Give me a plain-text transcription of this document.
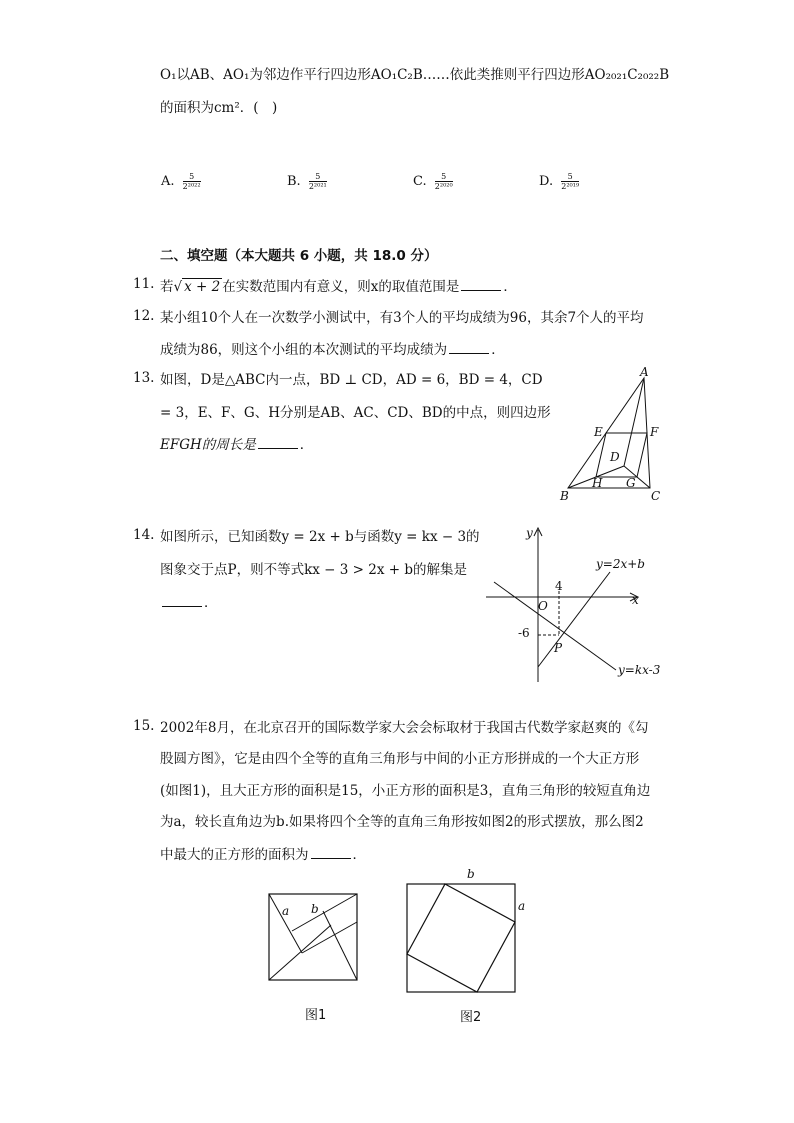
O₁以AB、AO₁为邻边作平行四边形AO₁C₂B……依此类推则平行四边形AO₂₀₂₁C₂₀₂₂B
的面积为cm²．(　)
A. $\frac{5}{\text{2²⁰²²}}$	B. $\frac{5}{\text{2²⁰²¹}}$	C. $\frac{5}{\text{2²⁰²⁰}}$	D. $\frac{5}{\text{2²⁰¹⁹}}$
二、填空题（本大题共 6 小题，共 18.0 分）
11. 若√ x + 2 在实数范围内有意义，则x的取值范围是	．
12. 某小组10个人在一次数学小测试中，有3个人的平均成绩为96，其余7个人的平均
成绩为86，则这个小组的本次测试的平均成绩为	．
13. 如图，D是△ABC内一点，BD ⊥ CD，AD = 6，BD = 4，CD
= 3，E、F、G、H分别是AB、AC、CD、BD的中点，则四边形
EFGH的周长是	．
A
B	C
D
E	F
G
H
14. 如图所示，已知函数y = 2x + b与函数y = kx − 3的
图象交于点P，则不等式kx − 3 > 2x + b的解集是
．
y
x
O
4
-6
P
y=2x+b
y=kx-3
15. 2002年8月，在北京召开的国际数学家大会会标取材于我国古代数学家赵爽的《勾
股圆方图》，它是由四个全等的直角三角形与中间的小正方形拼成的一个大正方形
(如图1)，且大正方形的面积是15，小正方形的面积是3，直角三角形的较短直角边
为a，较长直角边为b.如果将四个全等的直角三角形按如图2的形式摆放，那么图2
中最大的正方形的面积为	．
a b
图1
b
a
图2
